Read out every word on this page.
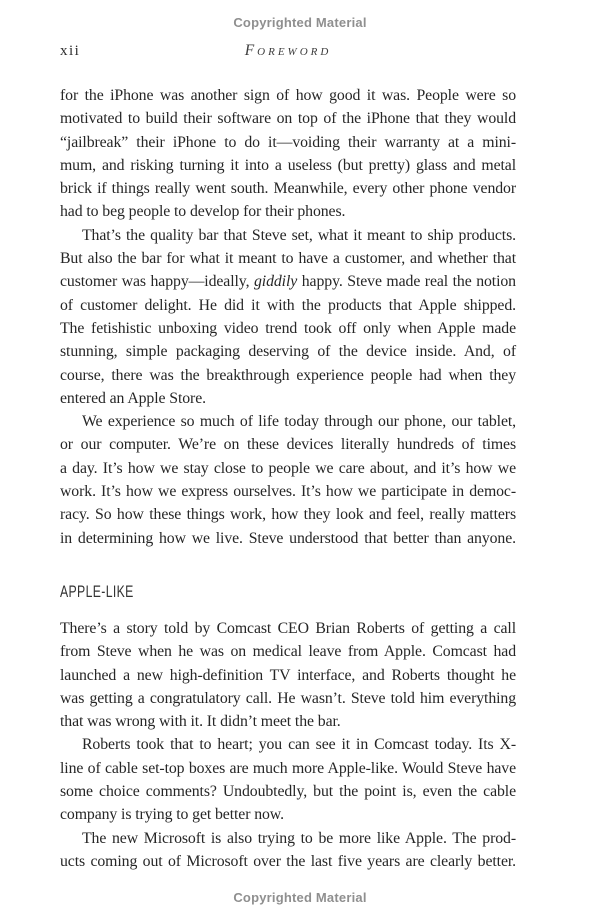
Copyrighted Material
xii	Foreword
for the iPhone was another sign of how good it was. People were so
motivated to build their software on top of the iPhone that they would
“jailbreak” their iPhone to do it—voiding their warranty at a mini-
mum, and risking turning it into a useless (but pretty) glass and metal
brick if things really went south. Meanwhile, every other phone vendor
had to beg people to develop for their phones.
That’s the quality bar that Steve set, what it meant to ship products.
But also the bar for what it meant to have a customer, and whether that
customer was happy—ideally, giddily happy. Steve made real the notion
of customer delight. He did it with the products that Apple shipped.
The fetishistic unboxing video trend took off only when Apple made
stunning, simple packaging deserving of the device inside. And, of
course, there was the breakthrough experience people had when they
entered an Apple Store.
We experience so much of life today through our phone, our tablet,
or our computer. We’re on these devices literally hundreds of times
a day. It’s how we stay close to people we care about, and it’s how we
work. It’s how we express ourselves. It’s how we participate in democ-
racy. So how these things work, how they look and feel, really matters
in determining how we live. Steve understood that better than anyone.
APPLE-LIKE
There’s a story told by Comcast CEO Brian Roberts of getting a call
from Steve when he was on medical leave from Apple. Comcast had
launched a new high-definition TV interface, and Roberts thought he
was getting a congratulatory call. He wasn’t. Steve told him everything
that was wrong with it. It didn’t meet the bar.
Roberts took that to heart; you can see it in Comcast today. Its X-
line of cable set-top boxes are much more Apple-like. Would Steve have
some choice comments? Undoubtedly, but the point is, even the cable
company is trying to get better now.
The new Microsoft is also trying to be more like Apple. The prod-
ucts coming out of Microsoft over the last five years are clearly better.
Copyrighted Material
